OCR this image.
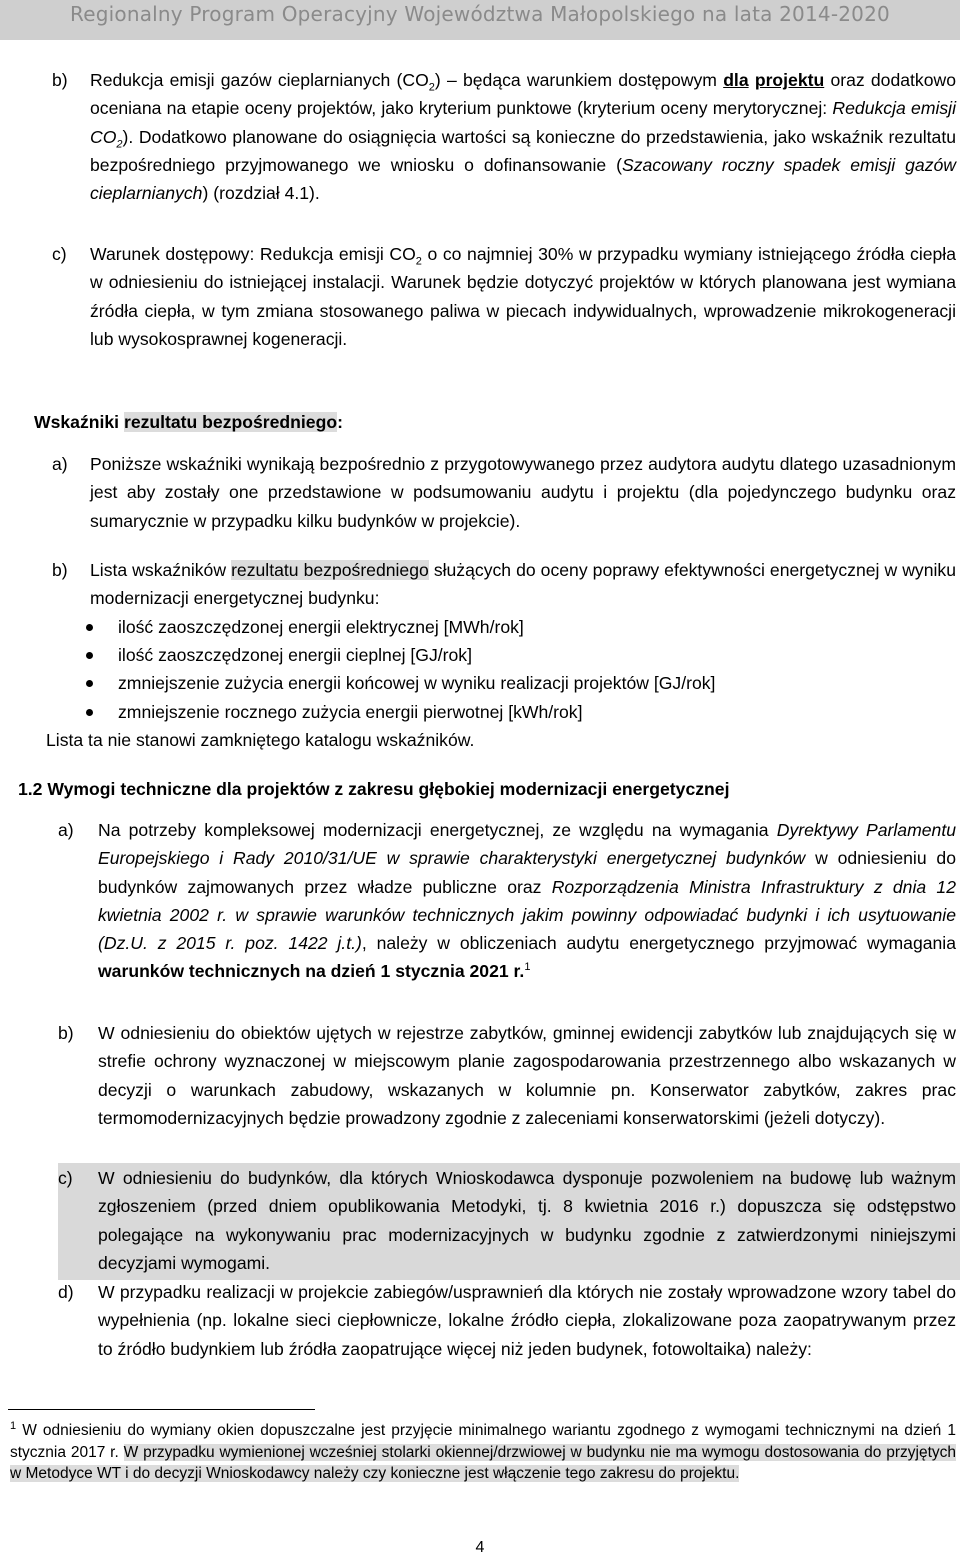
Regionalny Program Operacyjny Województwa Małopolskiego na lata 2014-2020
b) Redukcja emisji gazów cieplarnianych $(CO_2)$ – będąca warunkiem dostępowym dla projektu oraz dodatkowo oceniana na etapie oceny projektów, jako kryterium punktowe (kryterium oceny merytorycznej: Redukcja emisji $CO_2$). Dodatkowo planowane do osiągnięcia wartości są konieczne do przedstawienia, jako wskaźnik rezultatu bezpośredniego przyjmowanego we wniosku o dofinansowanie (Szacowany roczny spadek emisji gazów cieplarnianych) (rozdział 4.1).
c) Warunek dostępowy: Redukcja emisji $CO_2$ o co najmniej 30% w przypadku wymiany istniejącego źródła ciepła w odniesieniu do istniejącej instalacji. Warunek będzie dotyczyć projektów w których planowana jest wymiana źródła ciepła, w tym zmiana stosowanego paliwa w piecach indywidualnych, wprowadzenie mikrokogeneracji lub wysokosprawnej kogeneracji.
Wskaźniki rezultatu bezpośredniego:
a) Poniższe wskaźniki wynikają bezpośrednio z przygotowywanego przez audytora audytu dlatego uzasadnionym jest aby zostały one przedstawione w podsumowaniu audytu i projektu (dla pojedynczego budynku oraz sumarycznie w przypadku kilku budynków w projekcie).
b) Lista wskaźników rezultatu bezpośredniego służących do oceny poprawy efektywności energetycznej w wyniku modernizacji energetycznej budynku:
ilość zaoszczędzonej energii elektrycznej [MWh/rok]
ilość zaoszczędzonej energii cieplnej [GJ/rok]
zmniejszenie zużycia energii końcowej w wyniku realizacji projektów [GJ/rok]
zmniejszenie rocznego zużycia energii pierwotnej [kWh/rok]
Lista ta nie stanowi zamkniętego katalogu wskaźników.
1.2 Wymogi techniczne dla projektów z zakresu głębokiej modernizacji energetycznej
a) Na potrzeby kompleksowej modernizacji energetycznej, ze względu na wymagania Dyrektywy Parlamentu Europejskiego i Rady 2010/31/UE w sprawie charakterystyki energetycznej budynków w odniesieniu do budynków zajmowanych przez władze publiczne oraz Rozporządzenia Ministra Infrastruktury z dnia 12 kwietnia 2002 r. w sprawie warunków technicznych jakim powinny odpowiadać budynki i ich usytuowanie (Dz.U. z 2015 r. poz. 1422 j.t.), należy w obliczeniach audytu energetycznego przyjmować wymagania warunków technicznych na dzień 1 stycznia 2021 r.$^1$
b) W odniesieniu do obiektów ujętych w rejestrze zabytków, gminnej ewidencji zabytków lub znajdujących się w strefie ochrony wyznaczonej w miejscowym planie zagospodarowania przestrzennego albo wskazanych w decyzji o warunkach zabudowy, wskazanych w kolumnie pn. Konserwator zabytków, zakres prac termomodernizacyjnych będzie prowadzony zgodnie z zaleceniami konserwatorskimi (jeżeli dotyczy).
c) W odniesieniu do budynków, dla których Wnioskodawca dysponuje pozwoleniem na budowę lub ważnym zgłoszeniem (przed dniem opublikowania Metodyki, tj. 8 kwietnia 2016 r.) dopuszcza się odstępstwo polegające na wykonywaniu prac modernizacyjnych w budynku zgodnie z zatwierdzonymi niniejszymi decyzjami wymogami.
d) W przypadku realizacji w projekcie zabiegów/usprawnień dla których nie zostały wprowadzone wzory tabel do wypełnienia (np. lokalne sieci ciepłownicze, lokalne źródło ciepła, zlokalizowane poza zaopatrywanym przez to źródło budynkiem lub źródła zaopatrujące więcej niż jeden budynek, fotowoltaika) należy:
$^1$ W odniesieniu do wymiany okien dopuszczalne jest przyjęcie minimalnego wariantu zgodnego z wymogami technicznymi na dzień 1 stycznia 2017 r. W przypadku wymienionej wcześniej stolarki okiennej/drzwiowej w budynku nie ma wymogu dostosowania do przyjętych w Metodyce WT i do decyzji Wnioskodawcy należy czy konieczne jest włączenie tego zakresu do projektu.
4
